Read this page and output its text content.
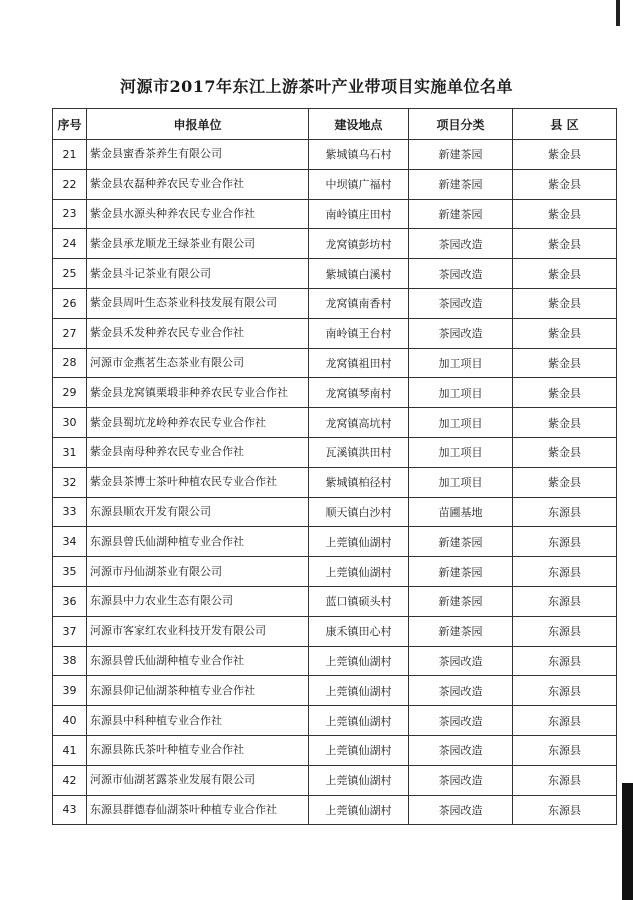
河源市2017年东江上游茶叶产业带项目实施单位名单
序号	申报单位	建设地点	项目分类	县 区
21	紫金县蜜香茶养生有限公司	紫城镇乌石村	新建茶园	紫金县
22	紫金县农磊种养农民专业合作社	中坝镇广福村	新建茶园	紫金县
23	紫金县水源头种养农民专业合作社	南岭镇庄田村	新建茶园	紫金县
24	紫金县承龙顺龙王绿茶业有限公司	龙窝镇彭坊村	茶园改造	紫金县
25	紫金县斗记茶业有限公司	紫城镇白溪村	茶园改造	紫金县
26	紫金县周叶生态茶业科技发展有限公司	龙窝镇南香村	茶园改造	紫金县
27	紫金县禾发种养农民专业合作社	南岭镇王台村	茶园改造	紫金县
28	河源市金燕茗生态茶业有限公司	龙窝镇祖田村	加工项目	紫金县
29	紫金县龙窝镇栗塅非种养农民专业合作社	龙窝镇琴南村	加工项目	紫金县
30	紫金县蜀坑龙岭种养农民专业合作社	龙窝镇高坑村	加工项目	紫金县
31	紫金县南母种养农民专业合作社	瓦溪镇洪田村	加工项目	紫金县
32	紫金县茶博士茶叶种植农民专业合作社	紫城镇柏径村	加工项目	紫金县
33	东源县顺农开发有限公司	顺天镇白沙村	苗圃基地	东源县
34	东源县曾氏仙湖种植专业合作社	上莞镇仙湖村	新建茶园	东源县
35	河源市丹仙湖茶业有限公司	上莞镇仙湖村	新建茶园	东源县
36	东源县中力农业生态有限公司	蓝口镇硕头村	新建茶园	东源县
37	河源市客家红农业科技开发有限公司	康禾镇田心村	新建茶园	东源县
38	东源县曾氏仙湖种植专业合作社	上莞镇仙湖村	茶园改造	东源县
39	东源县仰记仙湖茶种植专业合作社	上莞镇仙湖村	茶园改造	东源县
40	东源县中科种植专业合作社	上莞镇仙湖村	茶园改造	东源县
41	东源县陈氏茶叶种植专业合作社	上莞镇仙湖村	茶园改造	东源县
42	河源市仙湖茗露茶业发展有限公司	上莞镇仙湖村	茶园改造	东源县
43	东源县群德春仙湖茶叶种植专业合作社	上莞镇仙湖村	茶园改造	东源县
